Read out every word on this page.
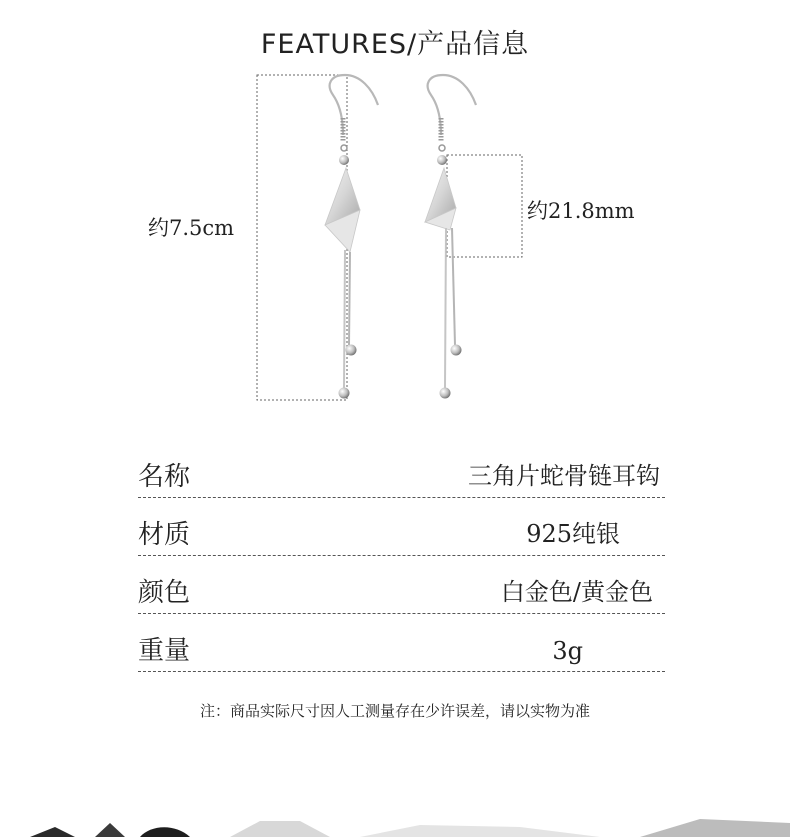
FEATURES/产品信息
约7.5cm
约21.8mm
名称	三角片蛇骨链耳钩
材质	925纯银
颜色	白金色/黄金色
重量	3g
注：商品实际尺寸因人工测量存在少许误差，请以实物为准
